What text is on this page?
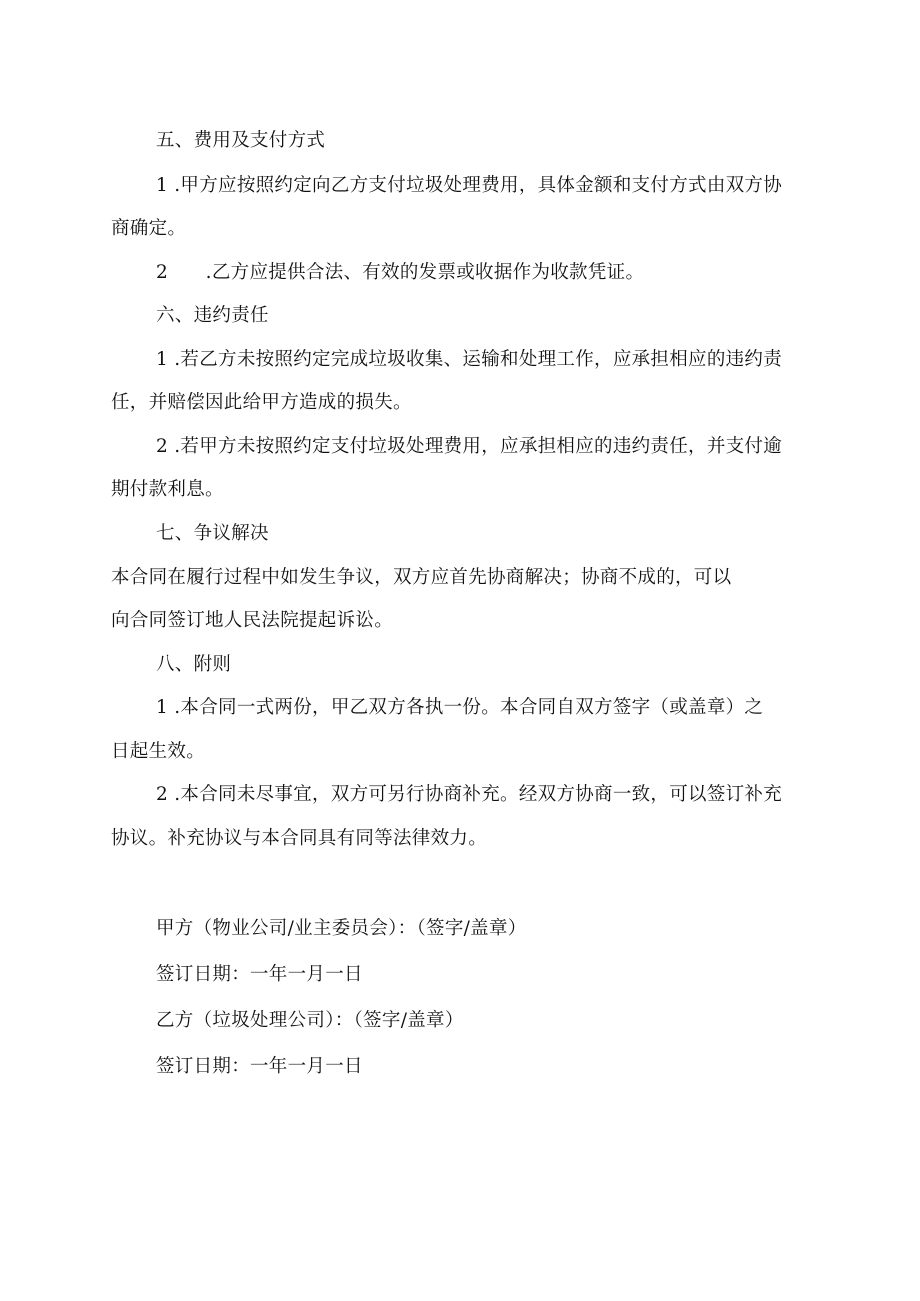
五、费用及支付方式
1 .甲方应按照约定向乙方支付垃圾处理费用，具体金额和支付方式由双方协
商确定。
2　　.乙方应提供合法、有效的发票或收据作为收款凭证。
六、违约责任
1 .若乙方未按照约定完成垃圾收集、运输和处理工作，应承担相应的违约责
任，并赔偿因此给甲方造成的损失。
2 .若甲方未按照约定支付垃圾处理费用，应承担相应的违约责任，并支付逾
期付款利息。
七、争议解决
本合同在履行过程中如发生争议，双方应首先协商解决；协商不成的，可以
向合同签订地人民法院提起诉讼。
八、附则
1 .本合同一式两份，甲乙双方各执一份。本合同自双方签字（或盖章）之
日起生效。
2 .本合同未尽事宜，双方可另行协商补充。经双方协商一致，可以签订补充
协议。补充协议与本合同具有同等法律效力。
甲方（物业公司/业主委员会）：（签字/盖章）
签订日期：一年一月一日
乙方（垃圾处理公司）：（签字/盖章）
签订日期：一年一月一日
